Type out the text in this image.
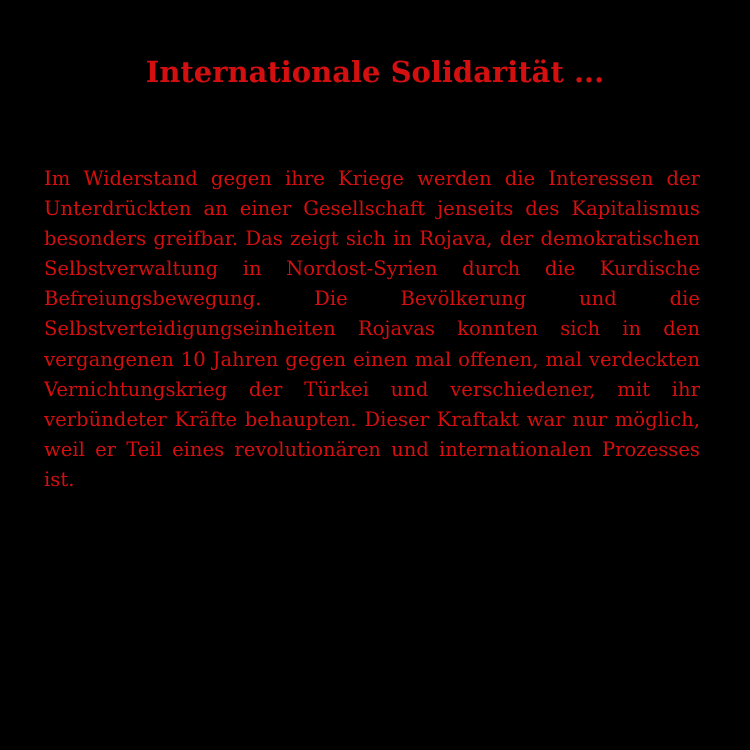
Internationale Solidarität ...

Im Widerstand gegen ihre Kriege werden die Interessen der Unterdrückten an einer Gesellschaft jenseits des Kapitalismus besonders greifbar. Das zeigt sich in Rojava, der demokratischen Selbstverwaltung in Nordost-Syrien durch die Kurdische Befreiungsbewegung. Die Bevölkerung und die Selbstverteidigungseinheiten Rojavas konnten sich in den vergangenen 10 Jahren gegen einen mal offenen, mal verdeckten Vernichtungskrieg der Türkei und verschiedener, mit ihr verbündeter Kräfte behaupten. Dieser Kraftakt war nur möglich, weil er Teil eines revolutionären und internationalen Prozesses ist.
